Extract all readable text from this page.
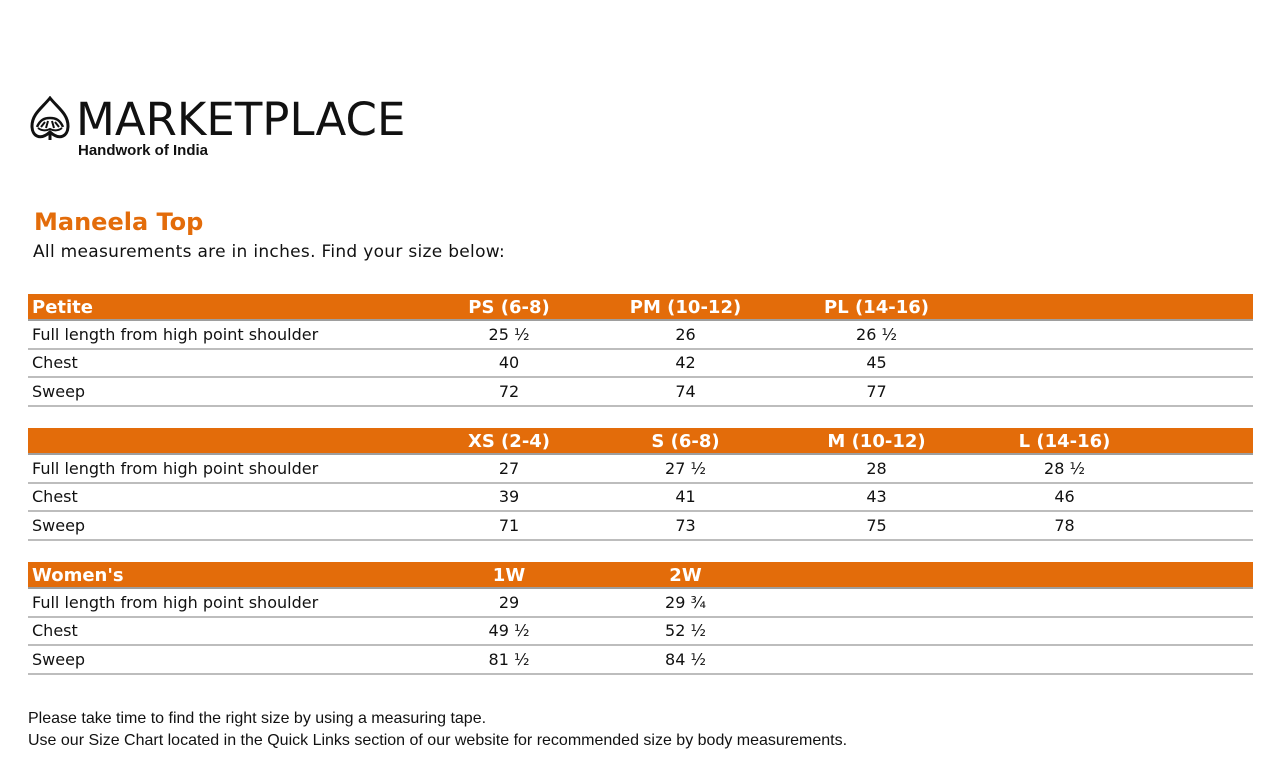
MARKETPLACE
Handwork of India
Maneela Top
All measurements are in inches. Find your size below:
Petite	PS (6-8)	PM (10-12)	PL (14-16)		
Full length from high point shoulder	25 ½	26	26 ½		
Chest	40	42	45		
Sweep	72	74	77		
	XS (2-4)	S (6-8)	M (10-12)	L (14-16)	
Full length from high point shoulder	27	27 ½	28	28 ½	
Chest	39	41	43	46	
Sweep	71	73	75	78	
Women's	1W	2W			
Full length from high point shoulder	29	29 ¾			
Chest	49 ½	52 ½			
Sweep	81 ½	84 ½			
Please take time to find the right size by using a measuring tape.
Use our Size Chart located in the Quick Links section of our website for recommended size by body measurements.
